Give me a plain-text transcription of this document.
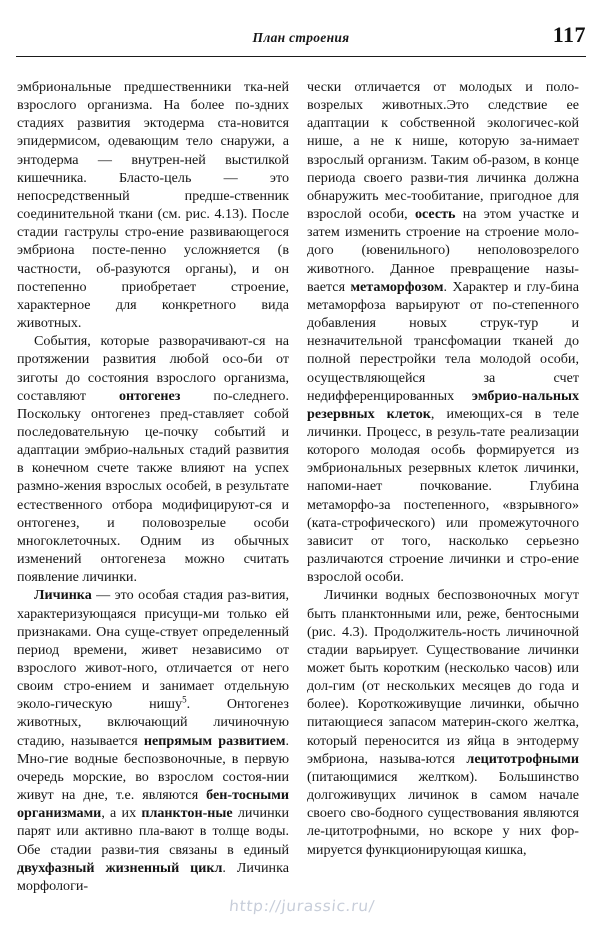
План строения	117

эмбриональные предшественники тка-ней взрослого организма. На более по-здних стадиях развития эктодерма ста-новится эпидермисом, одевающим тело снаружи, а энтодерма — внутрен-ней выстилкой кишечника. Бласто-цель — это непосредственный предше-ственник соединительной ткани (см. рис. 4.13). После стадии гаструлы стро-ение развивающегося эмбриона посте-пенно усложняется (в частности, об-разуются органы), и он постепенно приобретает строение, характерное для конкретного вида животных.

События, которые разворачивают-ся на протяжении развития любой осо-би от зиготы до состояния взрослого организма, составляют онтогенез по-следнего. Поскольку онтогенез пред-ставляет собой последовательную це-почку событий и адаптации эмбрио-нальных стадий развития в конечном счете также влияют на успех размно-жения взрослых особей, в результате естественного отбора модифицируют-ся и онтогенез, и половозрелые особи многоклеточных. Одним из обычных изменений онтогенеза можно считать появление личинки.

Личинка — это особая стадия раз-вития, характеризующаяся присущи-ми только ей признаками. Она суще-ствует определенный период времени, живет независимо от взрослого живот-ного, отличается от него своим стро-ением и занимает отдельную эколо-гическую нишу$^5$. Онтогенез животных, включающий личиночную стадию, называется непрямым развитием. Мно-гие водные беспозвоночные, в первую очередь морские, во взрослом состоя-нии живут на дне, т.е. являются бен-тосными организмами, а их планктон-ные личинки парят или активно пла-вают в толще воды. Обе стадии разви-тия связаны в единый двухфазный жизненный цикл. Личинка морфологи-

чески отличается от молодых и поло-возрелых животных.Это следствие ее адаптации к собственной экологичес-кой нише, а не к нише, которую за-нимает взрослый организм. Таким об-разом, в конце периода своего разви-тия личинка должна обнаружить мес-тообитание, пригодное для взрослой особи, осесть на этом участке и затем изменить строение на строение моло-дого (ювенильного) неполовозрелого животного. Данное превращение назы-вается метаморфозом. Характер и глу-бина метаморфоза варьируют от по-степенного добавления новых струк-тур и незначительной трансфомации тканей до полной перестройки тела молодой особи, осуществляющейся за счет недифференцированных эмбрио-нальных резервных клеток, имеющих-ся в теле личинки. Процесс, в резуль-тате реализации которого молодая особь формируется из эмбриональных резервных клеток личинки, напоми-нает почкование. Глубина метаморфо-за постепенного, «взрывного» (ката-строфического) или промежуточного зависит от того, насколько серьезно различаются строение личинки и стро-ение взрослой особи.

Личинки водных беспозвоночных могут быть планктонными или, реже, бентосными (рис. 4.3). Продолжитель-ность личиночной стадии варьирует. Существование личинки может быть коротким (несколько часов) или дол-гим (от нескольких месяцев до года и более). Короткоживущие личинки, обычно питающиеся запасом материн-ского желтка, который переносится из яйца в энтодерму эмбриона, называ-ются лецитотрофными (питающимися желтком). Большинство долгоживущих личинок в самом начале своего сво-бодного существования являются ле-цитотрофными, но вскоре у них фор-мируется функционирующая кишка,

http://jurassic.ru/
